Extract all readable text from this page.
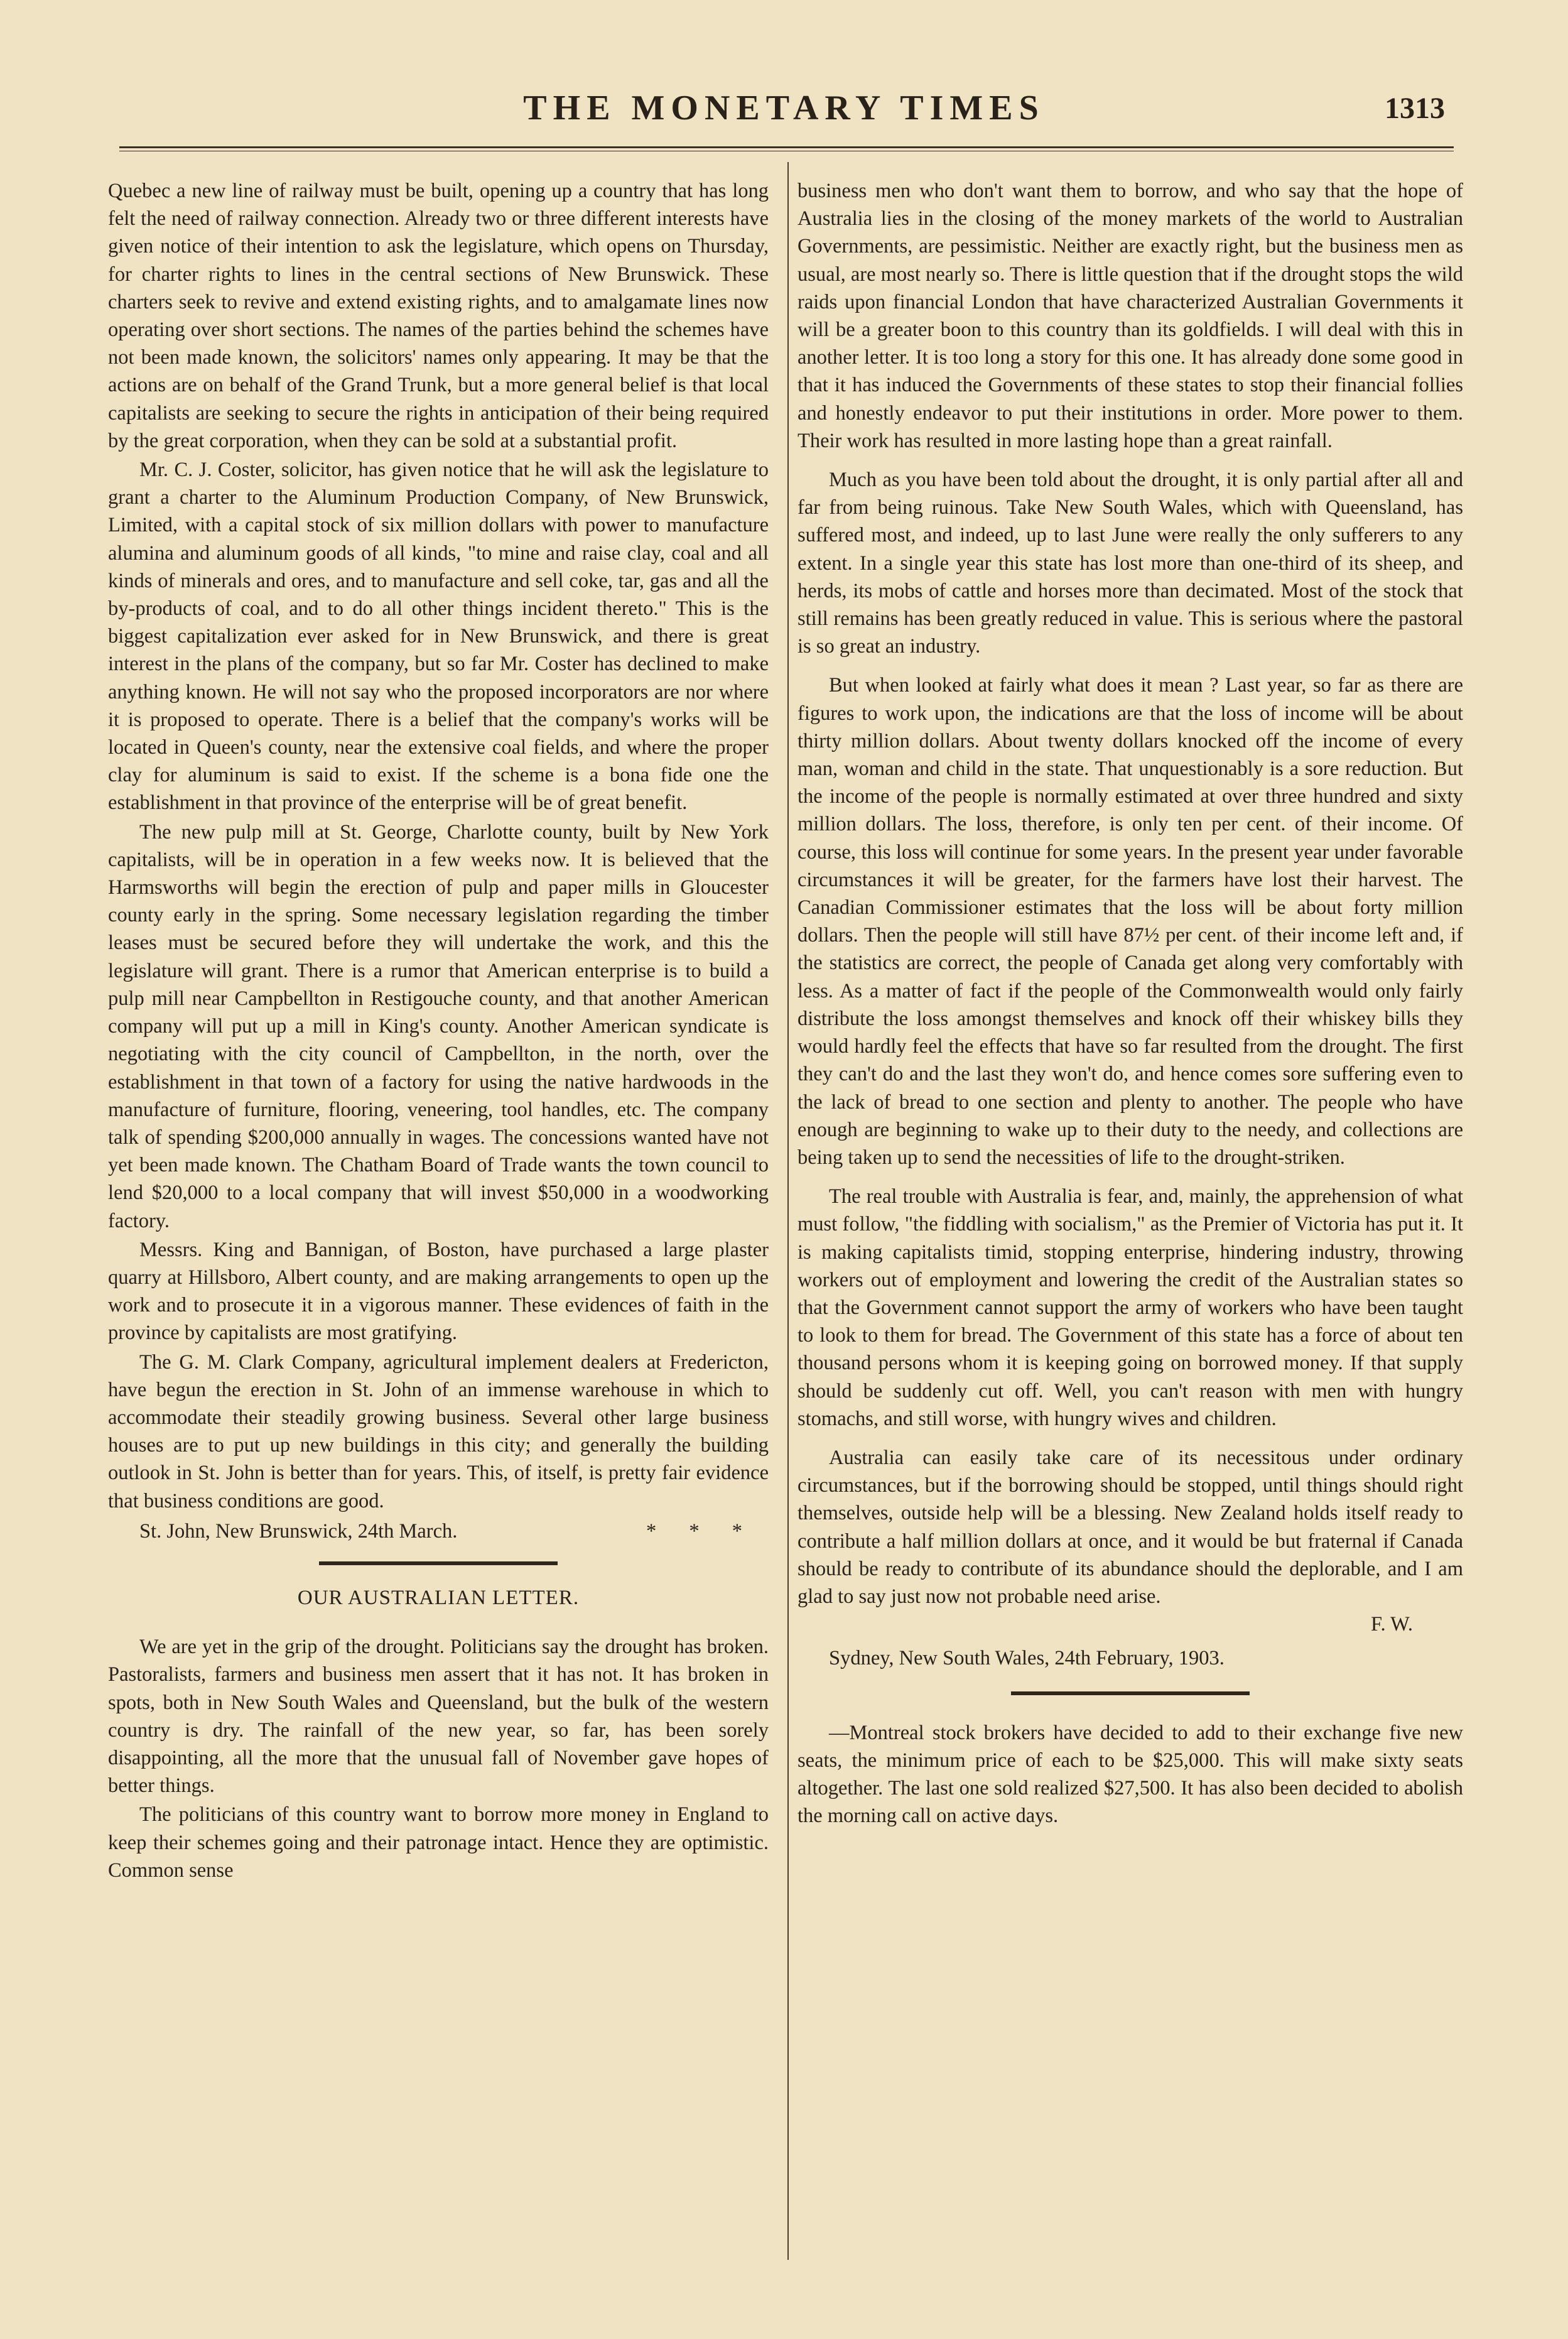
THE MONETARY TIMES	1313

Quebec a new line of railway must be built, opening up a country that has long felt the need of railway connection. Already two or three different interests have given notice of their intention to ask the legislature, which opens on Thursday, for charter rights to lines in the central sections of New Brunswick. These charters seek to revive and extend existing rights, and to amalgamate lines now operating over short sections. The names of the parties behind the schemes have not been made known, the solicitors' names only appearing. It may be that the actions are on behalf of the Grand Trunk, but a more general belief is that local capitalists are seeking to secure the rights in anticipation of their being required by the great corporation, when they can be sold at a substantial profit.

Mr. C. J. Coster, solicitor, has given notice that he will ask the legislature to grant a charter to the Aluminum Production Company, of New Brunswick, Limited, with a capital stock of six million dollars with power to manufacture alumina and aluminum goods of all kinds, "to mine and raise clay, coal and all kinds of minerals and ores, and to manufacture and sell coke, tar, gas and all the by-products of coal, and to do all other things incident thereto." This is the biggest capitalization ever asked for in New Brunswick, and there is great interest in the plans of the company, but so far Mr. Coster has declined to make anything known. He will not say who the proposed incorporators are nor where it is proposed to operate. There is a belief that the company's works will be located in Queen's county, near the extensive coal fields, and where the proper clay for aluminum is said to exist. If the scheme is a bona fide one the establishment in that province of the enterprise will be of great benefit.

The new pulp mill at St. George, Charlotte county, built by New York capitalists, will be in operation in a few weeks now. It is believed that the Harmsworths will begin the erection of pulp and paper mills in Gloucester county early in the spring. Some necessary legislation regarding the timber leases must be secured before they will undertake the work, and this the legislature will grant. There is a rumor that American enterprise is to build a pulp mill near Campbellton in Restigouche county, and that another American company will put up a mill in King's county. Another American syndicate is negotiating with the city council of Campbellton, in the north, over the establishment in that town of a factory for using the native hardwoods in the manufacture of furniture, flooring, veneering, tool handles, etc. The company talk of spending $200,000 annually in wages. The concessions wanted have not yet been made known. The Chatham Board of Trade wants the town council to lend $20,000 to a local company that will invest $50,000 in a woodworking factory.

Messrs. King and Bannigan, of Boston, have purchased a large plaster quarry at Hillsboro, Albert county, and are making arrangements to open up the work and to prosecute it in a vigorous manner. These evidences of faith in the province by capitalists are most gratifying.

The G. M. Clark Company, agricultural implement dealers at Fredericton, have begun the erection in St. John of an immense warehouse in which to accommodate their steadily growing business. Several other large business houses are to put up new buildings in this city; and generally the building outlook in St. John is better than for years. This, of itself, is pretty fair evidence that business conditions are good.

St. John, New Brunswick, 24th March.	* * *

OUR AUSTRALIAN LETTER.

We are yet in the grip of the drought. Politicians say the drought has broken. Pastoralists, farmers and business men assert that it has not. It has broken in spots, both in New South Wales and Queensland, but the bulk of the western country is dry. The rainfall of the new year, so far, has been sorely disappointing, all the more that the unusual fall of November gave hopes of better things.

The politicians of this country want to borrow more money in England to keep their schemes going and their patronage intact. Hence they are optimistic. Common sense

business men who don't want them to borrow, and who say that the hope of Australia lies in the closing of the money markets of the world to Australian Governments, are pessimistic. Neither are exactly right, but the business men as usual, are most nearly so. There is little question that if the drought stops the wild raids upon financial London that have characterized Australian Governments it will be a greater boon to this country than its goldfields. I will deal with this in another letter. It is too long a story for this one. It has already done some good in that it has induced the Governments of these states to stop their financial follies and honestly endeavor to put their institutions in order. More power to them. Their work has resulted in more lasting hope than a great rainfall.

Much as you have been told about the drought, it is only partial after all and far from being ruinous. Take New South Wales, which with Queensland, has suffered most, and indeed, up to last June were really the only sufferers to any extent. In a single year this state has lost more than one-third of its sheep, and herds, its mobs of cattle and horses more than decimated. Most of the stock that still remains has been greatly reduced in value. This is serious where the pastoral is so great an industry.

But when looked at fairly what does it mean ? Last year, so far as there are figures to work upon, the indications are that the loss of income will be about thirty million dollars. About twenty dollars knocked off the income of every man, woman and child in the state. That unquestionably is a sore reduction. But the income of the people is normally estimated at over three hundred and sixty million dollars. The loss, therefore, is only ten per cent. of their income. Of course, this loss will continue for some years. In the present year under favorable circumstances it will be greater, for the farmers have lost their harvest. The Canadian Commissioner estimates that the loss will be about forty million dollars. Then the people will still have 87½ per cent. of their income left and, if the statistics are correct, the people of Canada get along very comfortably with less. As a matter of fact if the people of the Commonwealth would only fairly distribute the loss amongst themselves and knock off their whiskey bills they would hardly feel the effects that have so far resulted from the drought. The first they can't do and the last they won't do, and hence comes sore suffering even to the lack of bread to one section and plenty to another. The people who have enough are beginning to wake up to their duty to the needy, and collections are being taken up to send the necessities of life to the drought-striken.

The real trouble with Australia is fear, and, mainly, the apprehension of what must follow, "the fiddling with socialism," as the Premier of Victoria has put it. It is making capitalists timid, stopping enterprise, hindering industry, throwing workers out of employment and lowering the credit of the Australian states so that the Government cannot support the army of workers who have been taught to look to them for bread. The Government of this state has a force of about ten thousand persons whom it is keeping going on borrowed money. If that supply should be suddenly cut off. Well, you can't reason with men with hungry stomachs, and still worse, with hungry wives and children.

Australia can easily take care of its necessitous under ordinary circumstances, but if the borrowing should be stopped, until things should right themselves, outside help will be a blessing. New Zealand holds itself ready to contribute a half million dollars at once, and it would be but fraternal if Canada should be ready to contribute of its abundance should the deplorable, and I am glad to say just now not probable need arise.

F. W.

Sydney, New South Wales, 24th February, 1903.

—Montreal stock brokers have decided to add to their exchange five new seats, the minimum price of each to be $25,000. This will make sixty seats altogether. The last one sold realized $27,500. It has also been decided to abolish the morning call on active days.
